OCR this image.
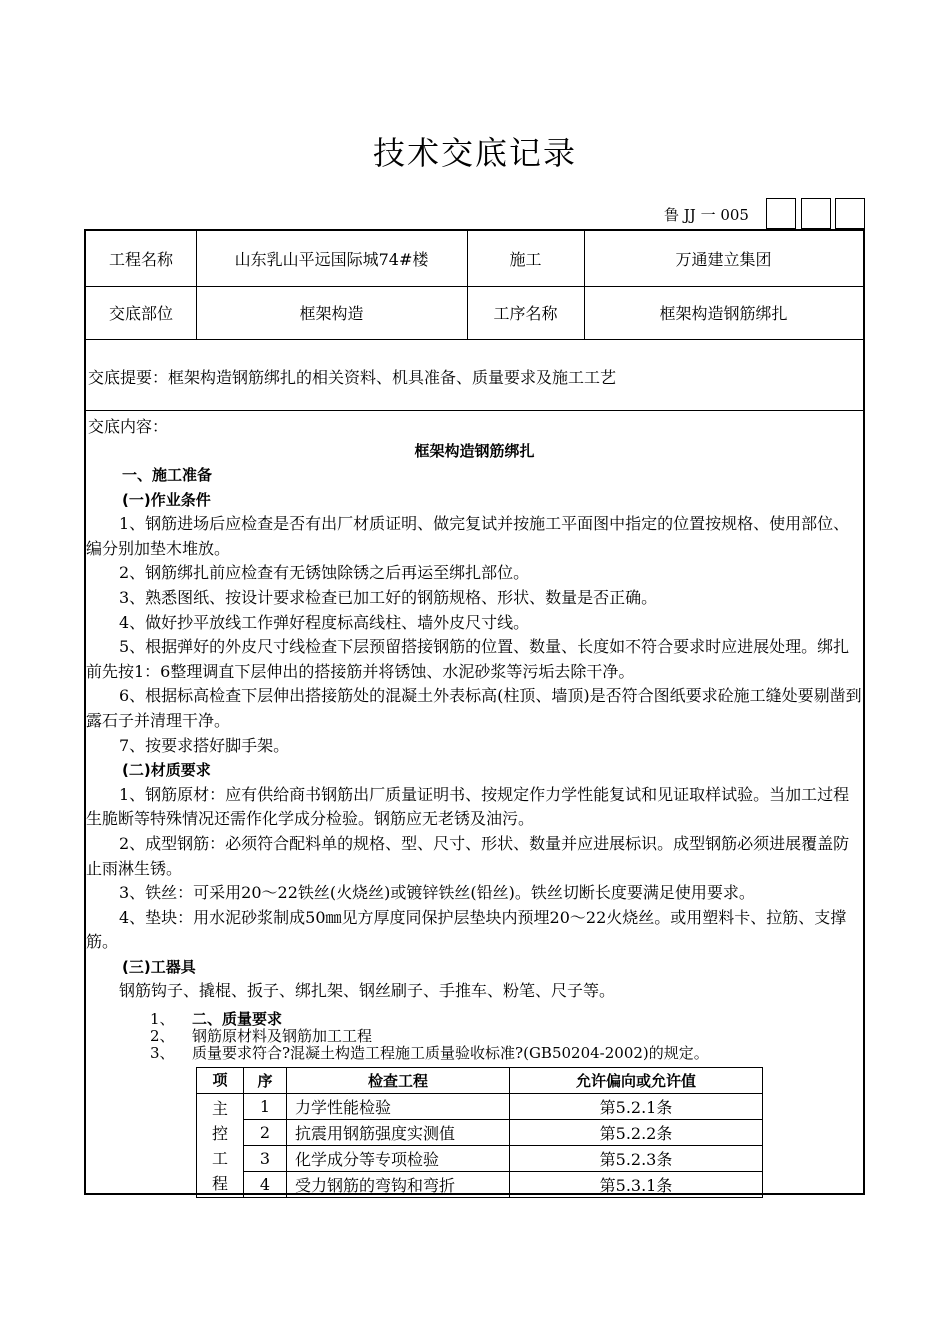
技术交底记录
鲁 JJ 一 005
工程名称	山东乳山平远国际城74#楼	施工	万通建立集团
交底部位	框架构造	工序名称	框架构造钢筋绑扎
交底提要：框架构造钢筋绑扎的相关资料、机具准备、质量要求及施工工艺
交底内容：
框架构造钢筋绑扎

一、施工准备

(一)作业条件

1、钢筋进场后应检查是否有出厂材质证明、做完复试并按施工平面图中指定的位置按规格、使用部位、编分别加垫木堆放。

2、钢筋绑扎前应检查有无锈蚀除锈之后再运至绑扎部位。

3、熟悉图纸、按设计要求检查已加工好的钢筋规格、形状、数量是否正确。

4、做好抄平放线工作弹好程度标高线柱、墙外皮尺寸线。

5、根据弹好的外皮尺寸线检查下层预留搭接钢筋的位置、数量、长度如不符合要求时应进展处理。绑扎前先按1：6整理调直下层伸出的搭接筋并将锈蚀、水泥砂浆等污垢去除干净。

6、根据标高检查下层伸出搭接筋处的混凝土外表标高(柱顶、墙顶)是否符合图纸要求砼施工缝处要剔凿到露石子并清理干净。

7、按要求搭好脚手架。

(二)材质要求

1、钢筋原材：应有供给商书钢筋出厂质量证明书、按规定作力学性能复试和见证取样试验。当加工过程生脆断等特殊情况还需作化学成分检验。钢筋应无老锈及油污。

2、成型钢筋：必须符合配料单的规格、型、尺寸、形状、数量并应进展标识。成型钢筋必须进展覆盖防止雨淋生锈。

3、铁丝：可采用20～22铁丝(火烧丝)或镀锌铁丝(铅丝)。铁丝切断长度要满足使用要求。

4、垫块：用水泥砂浆制成50㎜见方厚度同保护层垫块内预埋20～22火烧丝。或用塑料卡、拉筋、支撑筋。

(三)工器具

钢筋钩子、撬棍、扳子、绑扎架、钢丝刷子、手推车、粉笔、尺子等。

1、 二、质量要求
2、 钢筋原材料及钢筋加工工程
3、 质量要求符合?混凝土构造工程施工质量验收标准?(GB50204-2002)的规定。
项	序	检查工程	允许偏向或允许值

主控工程	1	力学性能检验	第5.2.1条
	2	抗震用钢筋强度实测值	第5.2.2条
	3	化学成分等专项检验	第5.2.3条
	4	受力钢筋的弯钩和弯折	第5.3.1条
